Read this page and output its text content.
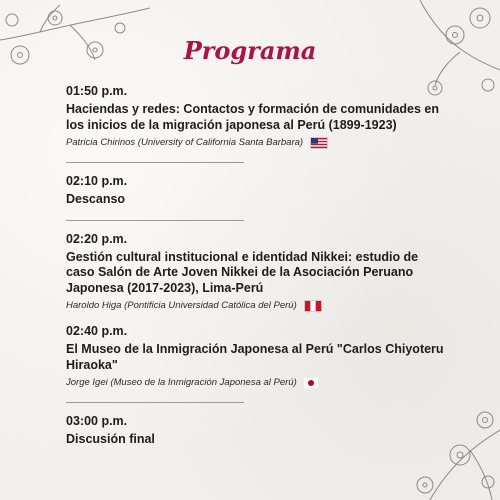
Programa
01:50 p.m.
Haciendas y redes: Contactos y formación de comunidades en los inicios de la migración japonesa al Perú (1899-1923)
Patricia Chirinos (University of California Santa Barbara)
02:10 p.m.
Descanso
02:20 p.m.
Gestión cultural institucional e identidad Nikkei: estudio de caso Salón de Arte Joven Nikkei de la Asociación Peruano Japonesa (2017-2023), Lima-Perú
Haroldo Higa (Pontificia Universidad Católica del Perú)
02:40 p.m.
El Museo de la Inmigración Japonesa al Perú "Carlos Chiyoteru Hiraoka"
Jorge Igei (Museo de la Inmigración Japonesa al Perú)
03:00 p.m.
Discusión final
